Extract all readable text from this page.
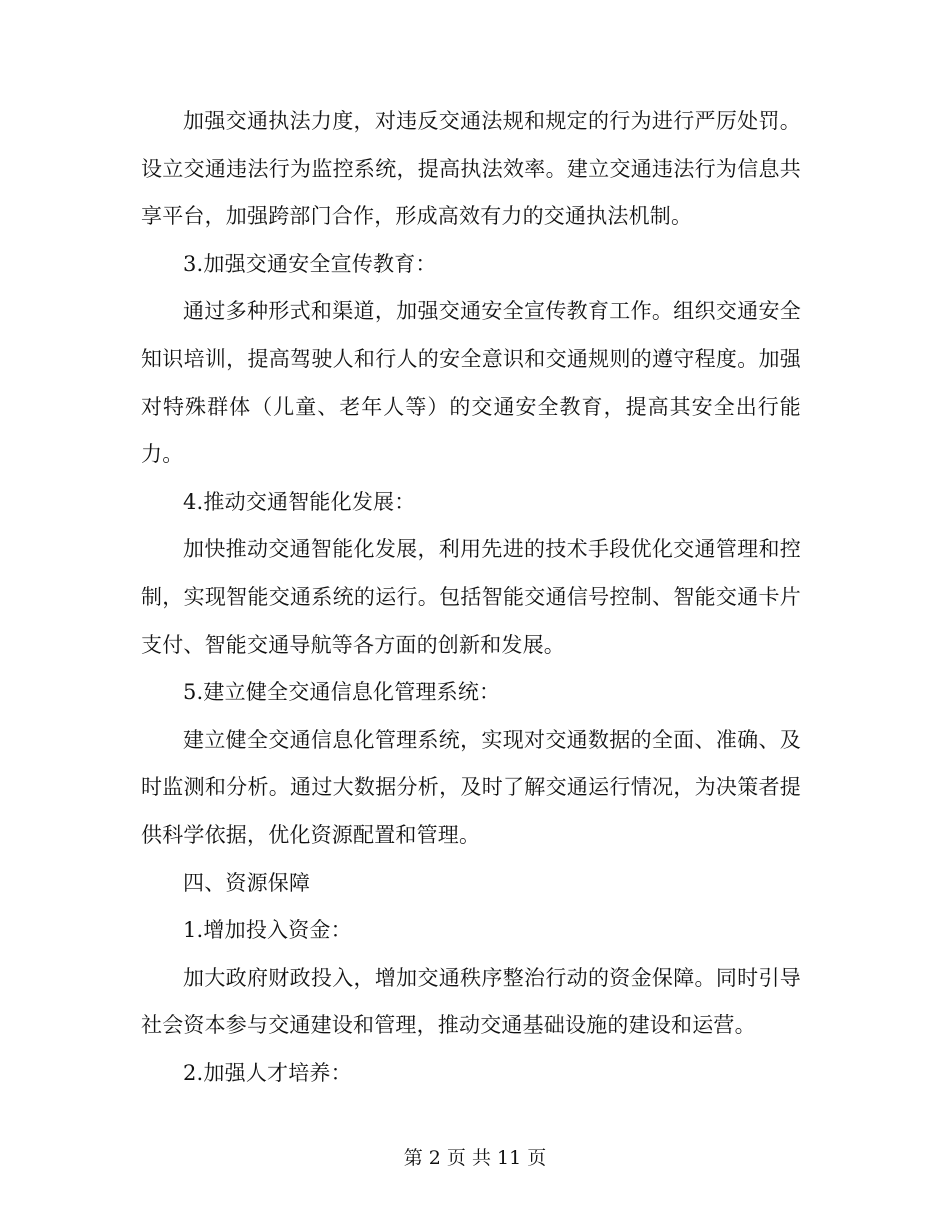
加强交通执法力度，对违反交通法规和规定的行为进行严厉处罚。设立交通违法行为监控系统，提高执法效率。建立交通违法行为信息共享平台，加强跨部门合作，形成高效有力的交通执法机制。

3.加强交通安全宣传教育：

通过多种形式和渠道，加强交通安全宣传教育工作。组织交通安全知识培训，提高驾驶人和行人的安全意识和交通规则的遵守程度。加强对特殊群体（儿童、老年人等）的交通安全教育，提高其安全出行能力。

4.推动交通智能化发展：

加快推动交通智能化发展，利用先进的技术手段优化交通管理和控制，实现智能交通系统的运行。包括智能交通信号控制、智能交通卡片支付、智能交通导航等各方面的创新和发展。

5.建立健全交通信息化管理系统：

建立健全交通信息化管理系统，实现对交通数据的全面、准确、及时监测和分析。通过大数据分析，及时了解交通运行情况，为决策者提供科学依据，优化资源配置和管理。

四、资源保障

1.增加投入资金：

加大政府财政投入，增加交通秩序整治行动的资金保障。同时引导社会资本参与交通建设和管理，推动交通基础设施的建设和运营。

2.加强人才培养：

第 2 页 共 11 页
